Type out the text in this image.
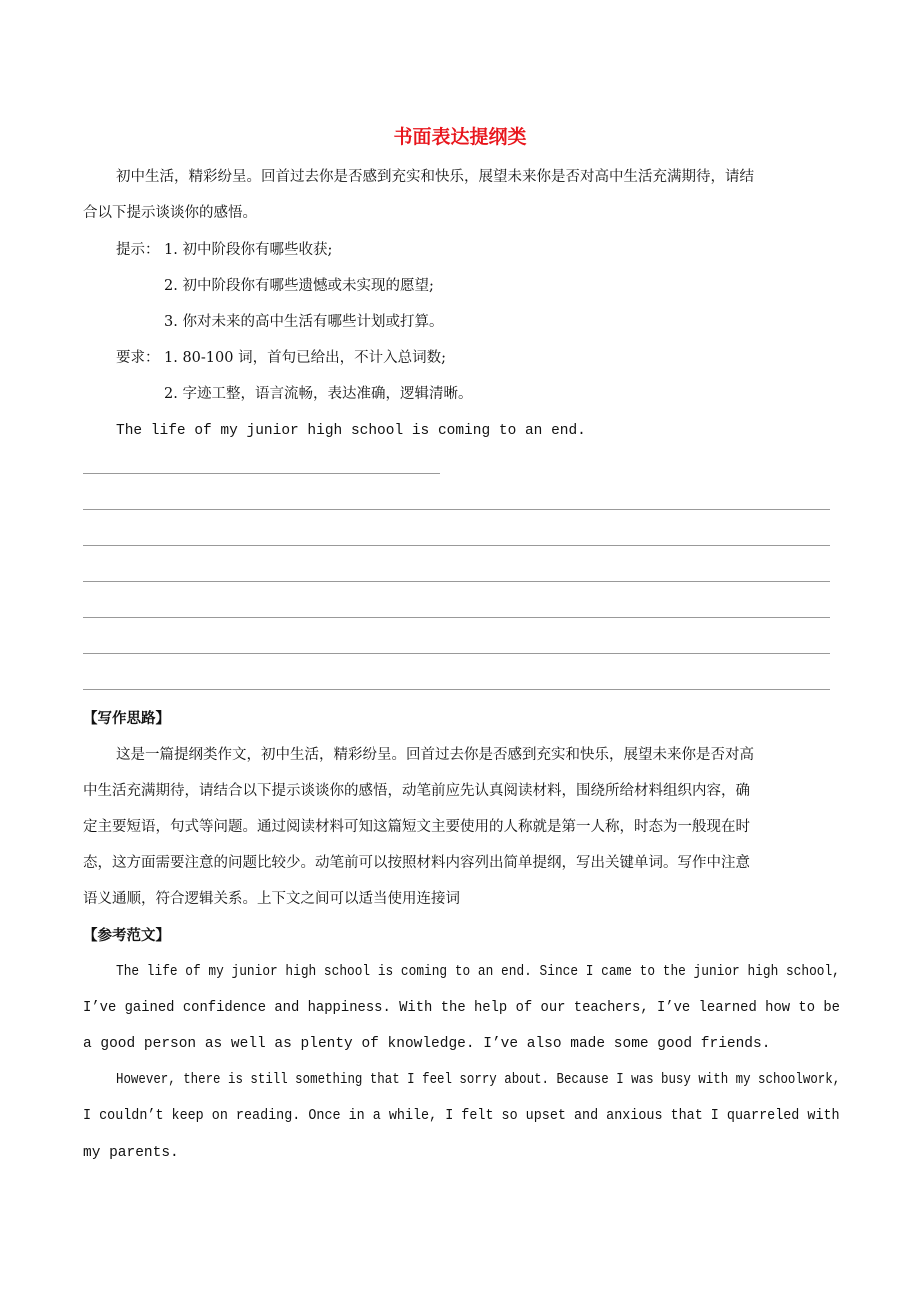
书面表达提纲类
初中生活，精彩纷呈。回首过去你是否感到充实和快乐，展望未来你是否对高中生活充满期待，请结
合以下提示谈谈你的感悟。
提示： 1. 初中阶段你有哪些收获;
2. 初中阶段你有哪些遗憾或未实现的愿望;
3. 你对未来的高中生活有哪些计划或打算。
要求： 1. 80-100 词，首句已给出，不计入总词数;
2. 字迹工整，语言流畅，表达准确，逻辑清晰。
The life of my junior high school is coming to an end.
【写作思路】
这是一篇提纲类作文，初中生活，精彩纷呈。回首过去你是否感到充实和快乐，展望未来你是否对高
中生活充满期待，请结合以下提示谈谈你的感悟，动笔前应先认真阅读材料，围绕所给材料组织内容，确
定主要短语，句式等问题。通过阅读材料可知这篇短文主要使用的人称就是第一人称，时态为一般现在时
态，这方面需要注意的问题比较少。动笔前可以按照材料内容列出简单提纲，写出关键单词。写作中注意
语义通顺，符合逻辑关系。上下文之间可以适当使用连接词
【参考范文】
The life of my junior high school is coming to an end. Since I came to the junior high school,
I’ve gained confidence and happiness. With the help of our teachers, I’ve learned how to be
a good person as well as plenty of knowledge. I’ve also made some good friends.
However, there is still something that I feel sorry about. Because I was busy with my schoolwork,
I couldn’t keep on reading. Once in a while, I felt so upset and anxious that I quarreled with
my parents.
